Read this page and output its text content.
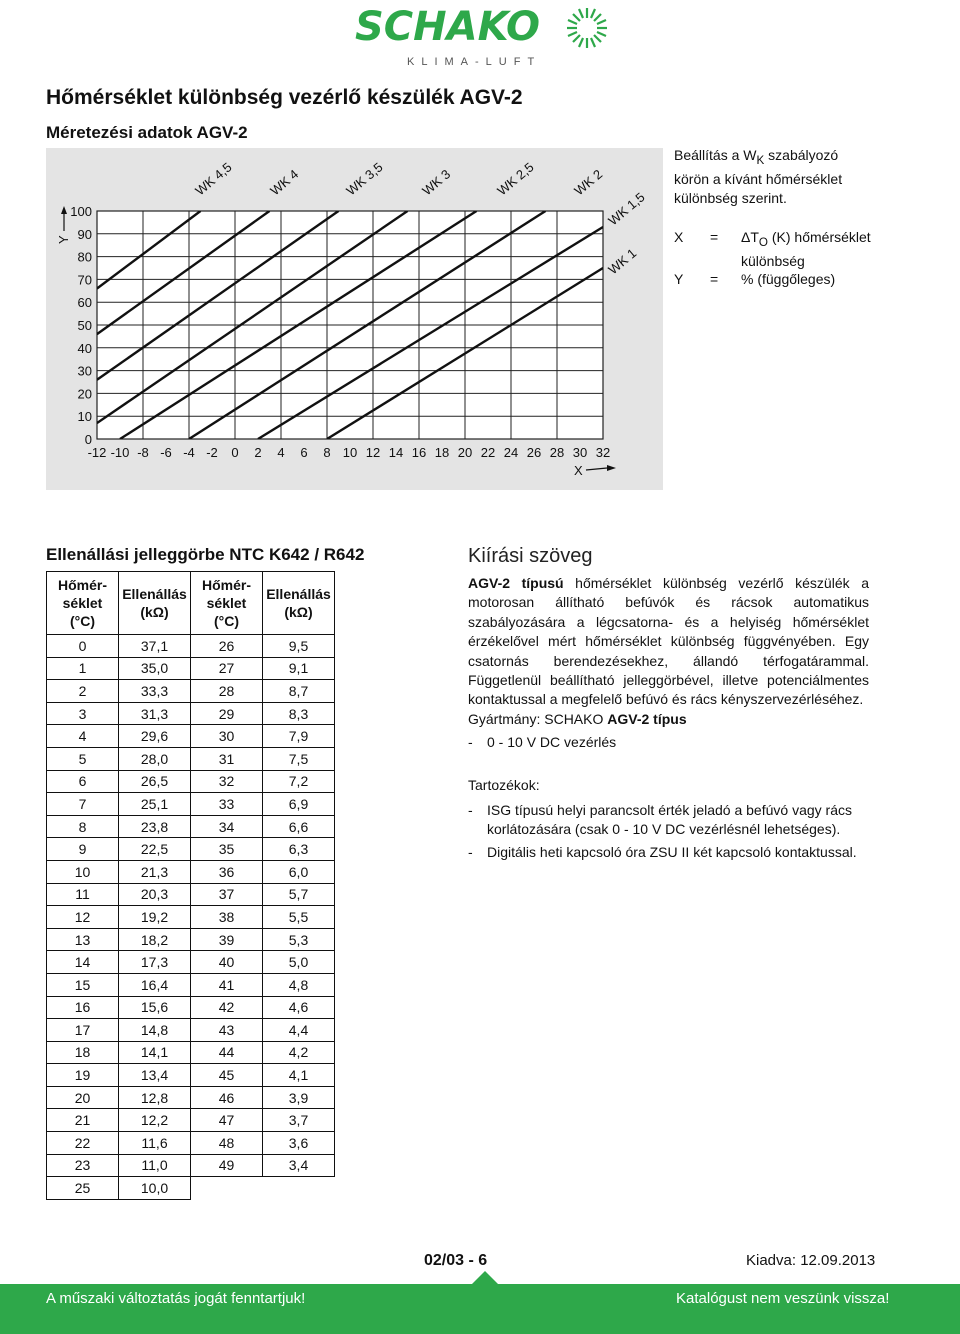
SCHAKO
KLIMA-LUFT
Hőmérséklet különbség vezérlő készülék AGV-2
Méretezési adatok AGV-2
WK 1
WK 1,5
WK 2
WK 2,5
WK 3
WK 3,5
WK 4
WK 4,5
0
10
20
30
40
50
60
70
80
90
100
-12 -10 -8 -6 -4 -2 0 2 4 6 8 10 12 14 16 18 20 22 24 26 28 30 32
X
Y
Beállítás a $W_K$ szabályozó körön a kívánt hőmérséklet különbség szerint.
$X = \Delta T_O$ (K) hőmérséklet különbség
Y = % (függőleges)
Ellenállási jelleggörbe NTC K642 / R642
Hőmér-
séklet
(°C)	Ellenállás
(kΩ)	Hőmér-
séklet
(°C)	Ellenállás
(kΩ)
0	37,1	26	9,5
1	35,0	27	9,1
2	33,3	28	8,7
3	31,3	29	8,3
4	29,6	30	7,9
5	28,0	31	7,5
6	26,5	32	7,2
7	25,1	33	6,9
8	23,8	34	6,6
9	22,5	35	6,3
10	21,3	36	6,0
11	20,3	37	5,7
12	19,2	38	5,5
13	18,2	39	5,3
14	17,3	40	5,0
15	16,4	41	4,8
16	15,6	42	4,6
17	14,8	43	4,4
18	14,1	44	4,2
19	13,4	45	4,1
20	12,8	46	3,9
21	12,2	47	3,7
22	11,6	48	3,6
23	11,0	49	3,4
25	10,0		
Kiírási szöveg
AGV-2 típusú hőmérséklet különbség vezérlő készülék a motorosan állítható befúvók és rácsok automatikus szabályozására a légcsatorna- és a helyiség hőmérséklet érzékelővel mért hőmérséklet különbség függvényében. Egy csatornás berendezésekhez, állandó térfogatárammal. Függetlenül beállítható jelleggörbével, illetve potenciálmentes kontaktussal a megfelelő befúvó és rács kényszervezérléséhez.
Gyártmány: SCHAKO AGV-2 típus
- 0 - 10 V DC vezérlés
Tartozékok:
- ISG típusú helyi parancsolt érték jeladó a befúvó vagy rács korlátozására (csak 0 - 10 V DC vezérlésnél lehetséges).
- Digitális heti kapcsoló óra ZSU II két kapcsoló kontaktussal.
02/03 - 6	Kiadva: 12.09.2013
A műszaki változtatás jogát fenntartjuk!	Katalógust nem veszünk vissza!
